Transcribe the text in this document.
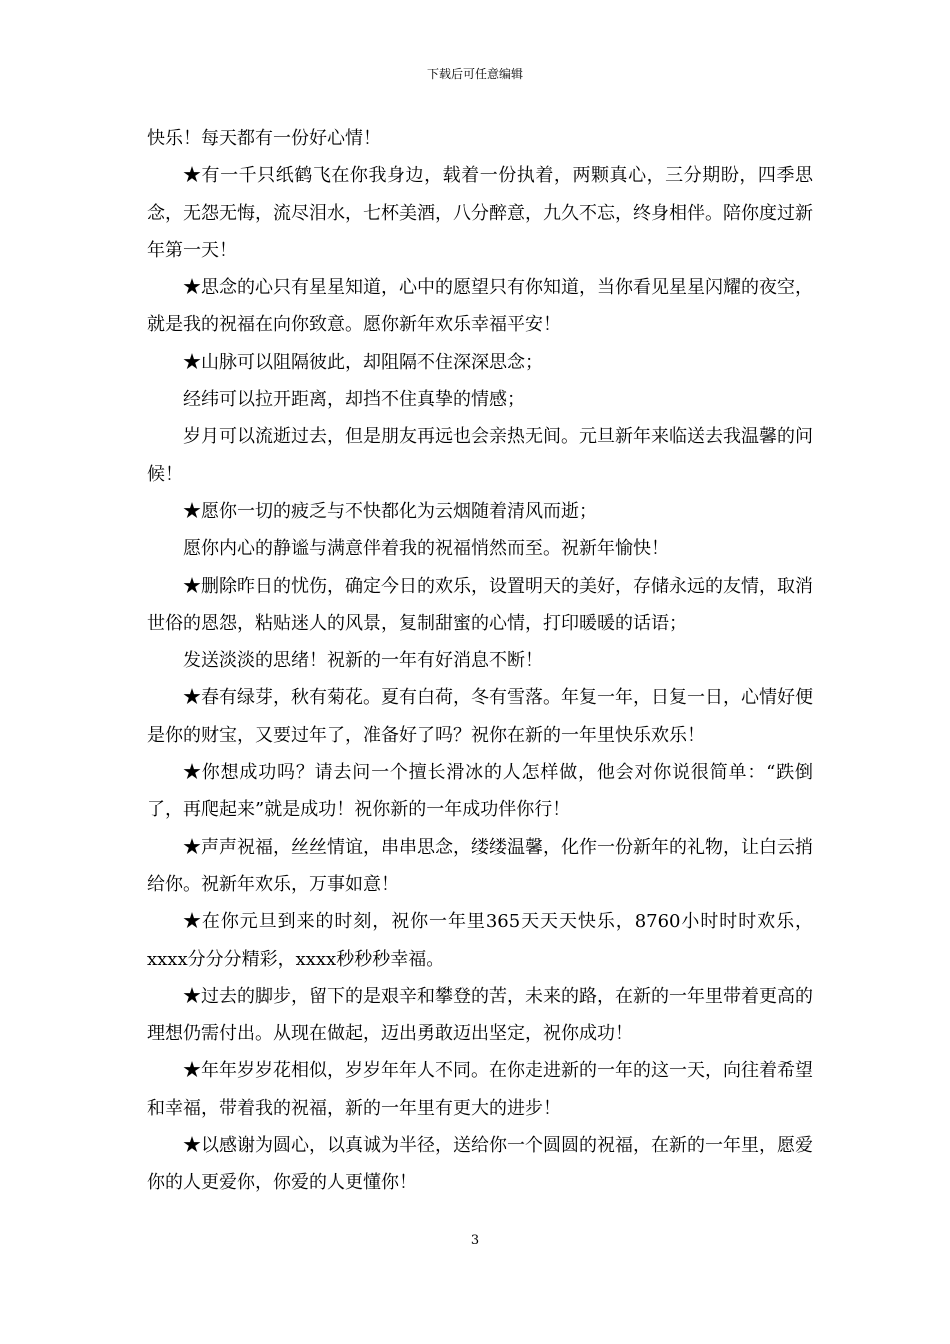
下载后可任意编辑

快乐！每天都有一份好心情！

★有一千只纸鹤飞在你我身边，载着一份执着，两颗真心，三分期盼，四季思念，无怨无悔，流尽泪水，七杯美酒，八分醉意，九久不忘，终身相伴。陪你度过新年第一天！

★思念的心只有星星知道，心中的愿望只有你知道，当你看见星星闪耀的夜空，就是我的祝福在向你致意。愿你新年欢乐幸福平安！

★山脉可以阻隔彼此，却阻隔不住深深思念；

经纬可以拉开距离，却挡不住真挚的情感；

岁月可以流逝过去，但是朋友再远也会亲热无间。元旦新年来临送去我温馨的问候！

★愿你一切的疲乏与不快都化为云烟随着清风而逝；

愿你内心的静谧与满意伴着我的祝福悄然而至。祝新年愉快！

★删除昨日的忧伤，确定今日的欢乐，设置明天的美好，存储永远的友情，取消世俗的恩怨，粘贴迷人的风景，复制甜蜜的心情，打印暖暖的话语；

发送淡淡的思绪！祝新的一年有好消息不断！

★春有绿芽，秋有菊花。夏有白荷，冬有雪落。年复一年，日复一日，心情好便是你的财宝，又要过年了，准备好了吗？祝你在新的一年里快乐欢乐！

★你想成功吗？请去问一个擅长滑冰的人怎样做，他会对你说很简单：“跌倒了，再爬起来”就是成功！祝你新的一年成功伴你行！

★声声祝福，丝丝情谊，串串思念，缕缕温馨，化作一份新年的礼物，让白云捎给你。祝新年欢乐，万事如意！

★在你元旦到来的时刻，祝你一年里365天天天快乐，8760小时时时欢乐，xxxx分分分精彩，xxxx秒秒秒幸福。

★过去的脚步，留下的是艰辛和攀登的苦，未来的路，在新的一年里带着更高的理想仍需付出。从现在做起，迈出勇敢迈出坚定，祝你成功！

★年年岁岁花相似，岁岁年年人不同。在你走进新的一年的这一天，向往着希望和幸福，带着我的祝福，新的一年里有更大的进步！

★以感谢为圆心，以真诚为半径，送给你一个圆圆的祝福，在新的一年里，愿爱你的人更爱你，你爱的人更懂你！

3
